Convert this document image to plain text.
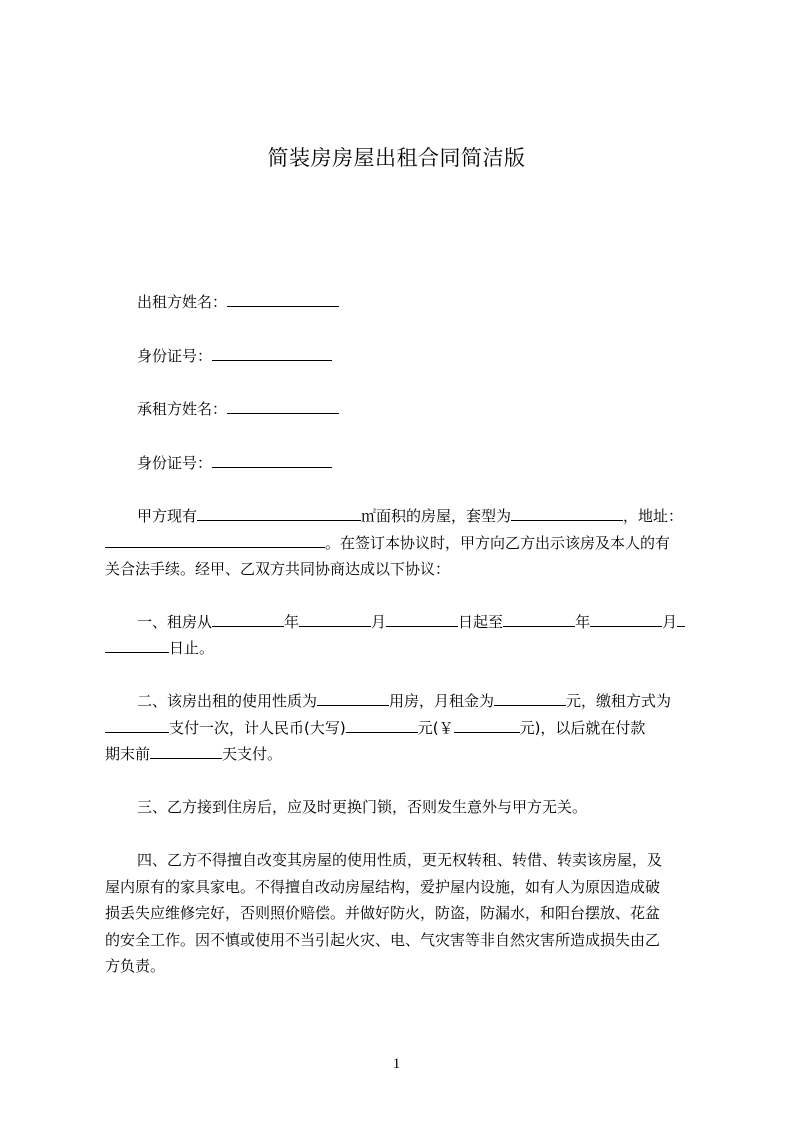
简装房房屋出租合同简洁版
出租方姓名：
身份证号：
承租方姓名：
身份证号：
甲方现有	㎡面积的房屋，套型为	，地址：
。在签订本协议时，甲方向乙方出示该房及本人的有
关合法手续。经甲、乙双方共同协商达成以下协议：
一、租房从	年	月	日起至	年	月
日止。
二、该房出租的使用性质为	用房，月租金为	元，缴租方式为
支付一次，计人民币(大写)	元(￥	元)，以后就在付款
期末前	天支付。
三、乙方接到住房后，应及时更换门锁，否则发生意外与甲方无关。
四、乙方不得擅自改变其房屋的使用性质，更无权转租、转借、转卖该房屋，及
屋内原有的家具家电。不得擅自改动房屋结构，爱护屋内设施，如有人为原因造成破
损丢失应维修完好，否则照价赔偿。并做好防火，防盗，防漏水，和阳台摆放、花盆
的安全工作。因不慎或使用不当引起火灾、电、气灾害等非自然灾害所造成损失由乙
方负责。
1
